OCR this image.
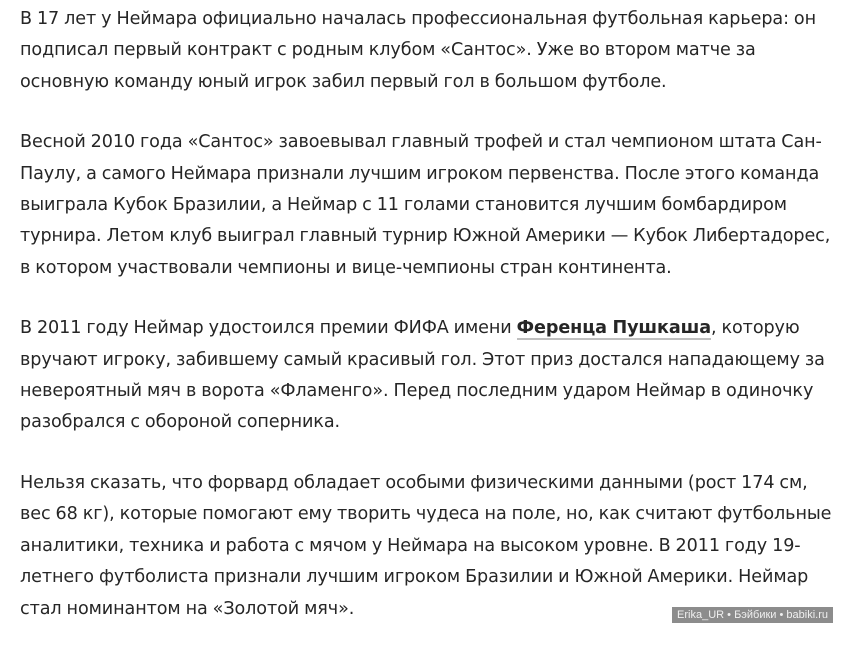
В 17 лет у Неймара официально началась профессиональная футбольная карьера: он подписал первый контракт с родным клубом «Сантос». Уже во втором матче за основную команду юный игрок забил первый гол в большом футболе.

Весной 2010 года «Сантос» завоевывал главный трофей и стал чемпионом штата Сан-Паулу, а самого Неймара признали лучшим игроком первенства. После этого команда выиграла Кубок Бразилии, а Неймар с 11 голами становится лучшим бомбардиром турнира. Летом клуб выиграл главный турнир Южной Америки — Кубок Либертадорес, в котором участвовали чемпионы и вице-чемпионы стран континента.

В 2011 году Неймар удостоился премии ФИФА имени Ференца Пушкаша, которую вручают игроку, забившему самый красивый гол. Этот приз достался нападающему за невероятный мяч в ворота «Фламенго». Перед последним ударом Неймар в одиночку разобрался с обороной соперника.

Нельзя сказать, что форвард обладает особыми физическими данными (рост 174 см, вес 68 кг), которые помогают ему творить чудеса на поле, но, как считают футбольные аналитики, техника и работа с мячом у Неймара на высоком уровне. В 2011 году 19-летнего футболиста признали лучшим игроком Бразилии и Южной Америки. Неймар стал номинантом на «Золотой мяч».	Erika_UR • Бэйбики • babiki.ru
